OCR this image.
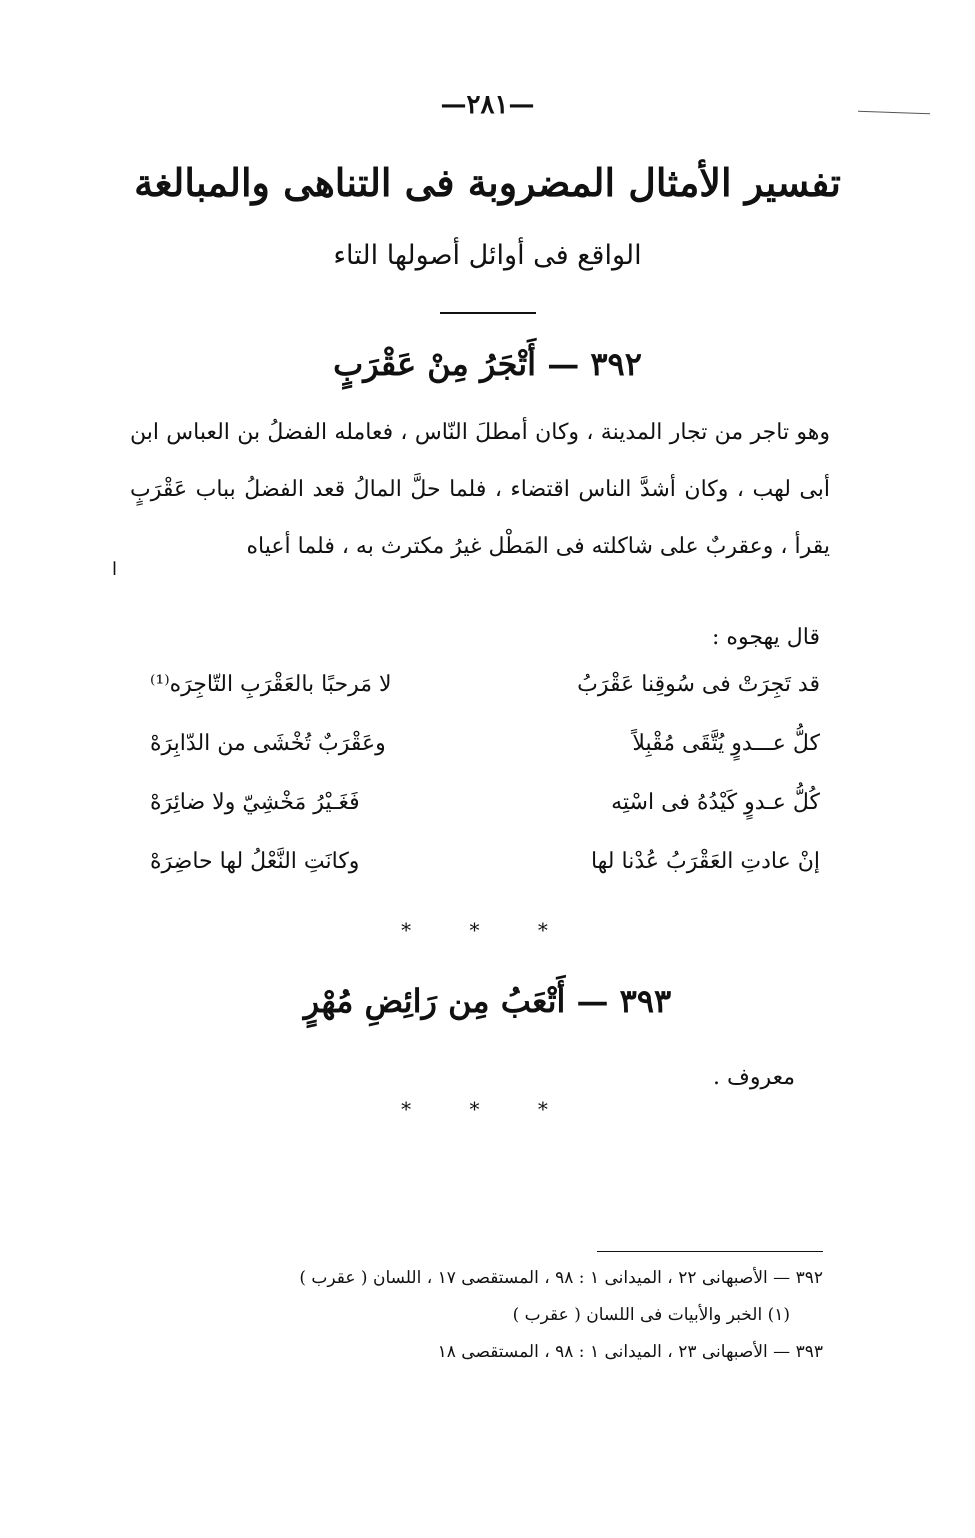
—٢٨١—
تفسير الأمثال المضروبة فى التناهى والمبالغة
الواقع فى أوائل أصولها التاء
٣٩٢ — أَتْجَرُ مِنْ عَقْرَبٍ
وهو تاجر من تجار المدينة ، وكان أمطلَ النّاس ، فعامله الفضلُ بن العباس ابن أبى لهب ، وكان أشدَّ الناس اقتضاء ، فلما حلَّ المالُ قعد الفضلُ بباب عَقْرَبٍ يقرأ ، وعقربٌ على شاكلته فى المَطْل غيرُ مكترث به ، فلما أعياه
ا
قال يهجوه :
قد تَجِرَتْ فى سُوقِنا عَقْرَبُ
لا مَرحبًا بالعَقْرَبِ التّاجِرَه⁽¹⁾
كلُّ عـــدوٍ يُتَّقَى مُقْبِلاً
وعَقْرَبٌ تُخْشَى من الدّابِرَهْ
كُلُّ عـدوٍ كَيْدُهُ فى اسْتِه
فَغَـيْرُ مَخْشِيّ ولا ضائِرَهْ
إنْ عادتِ العَقْرَبُ عُدْنا لها
وكانَتِ النَّعْلُ لها حاضِرَهْ
* * *
٣٩٣ — أَتْعَبُ مِن رَائِضِ مُهْرٍ
معروف .
* * *
٣٩٢ — الأصبهانى ٢٢ ، الميدانى ١ : ٩٨ ، المستقصى ١٧ ، اللسان ( عقرب )
(١) الخبر والأبيات فى اللسان ( عقرب )
٣٩٣ — الأصبهانى ٢٣ ، الميدانى ١ : ٩٨ ، المستقصى ١٨
